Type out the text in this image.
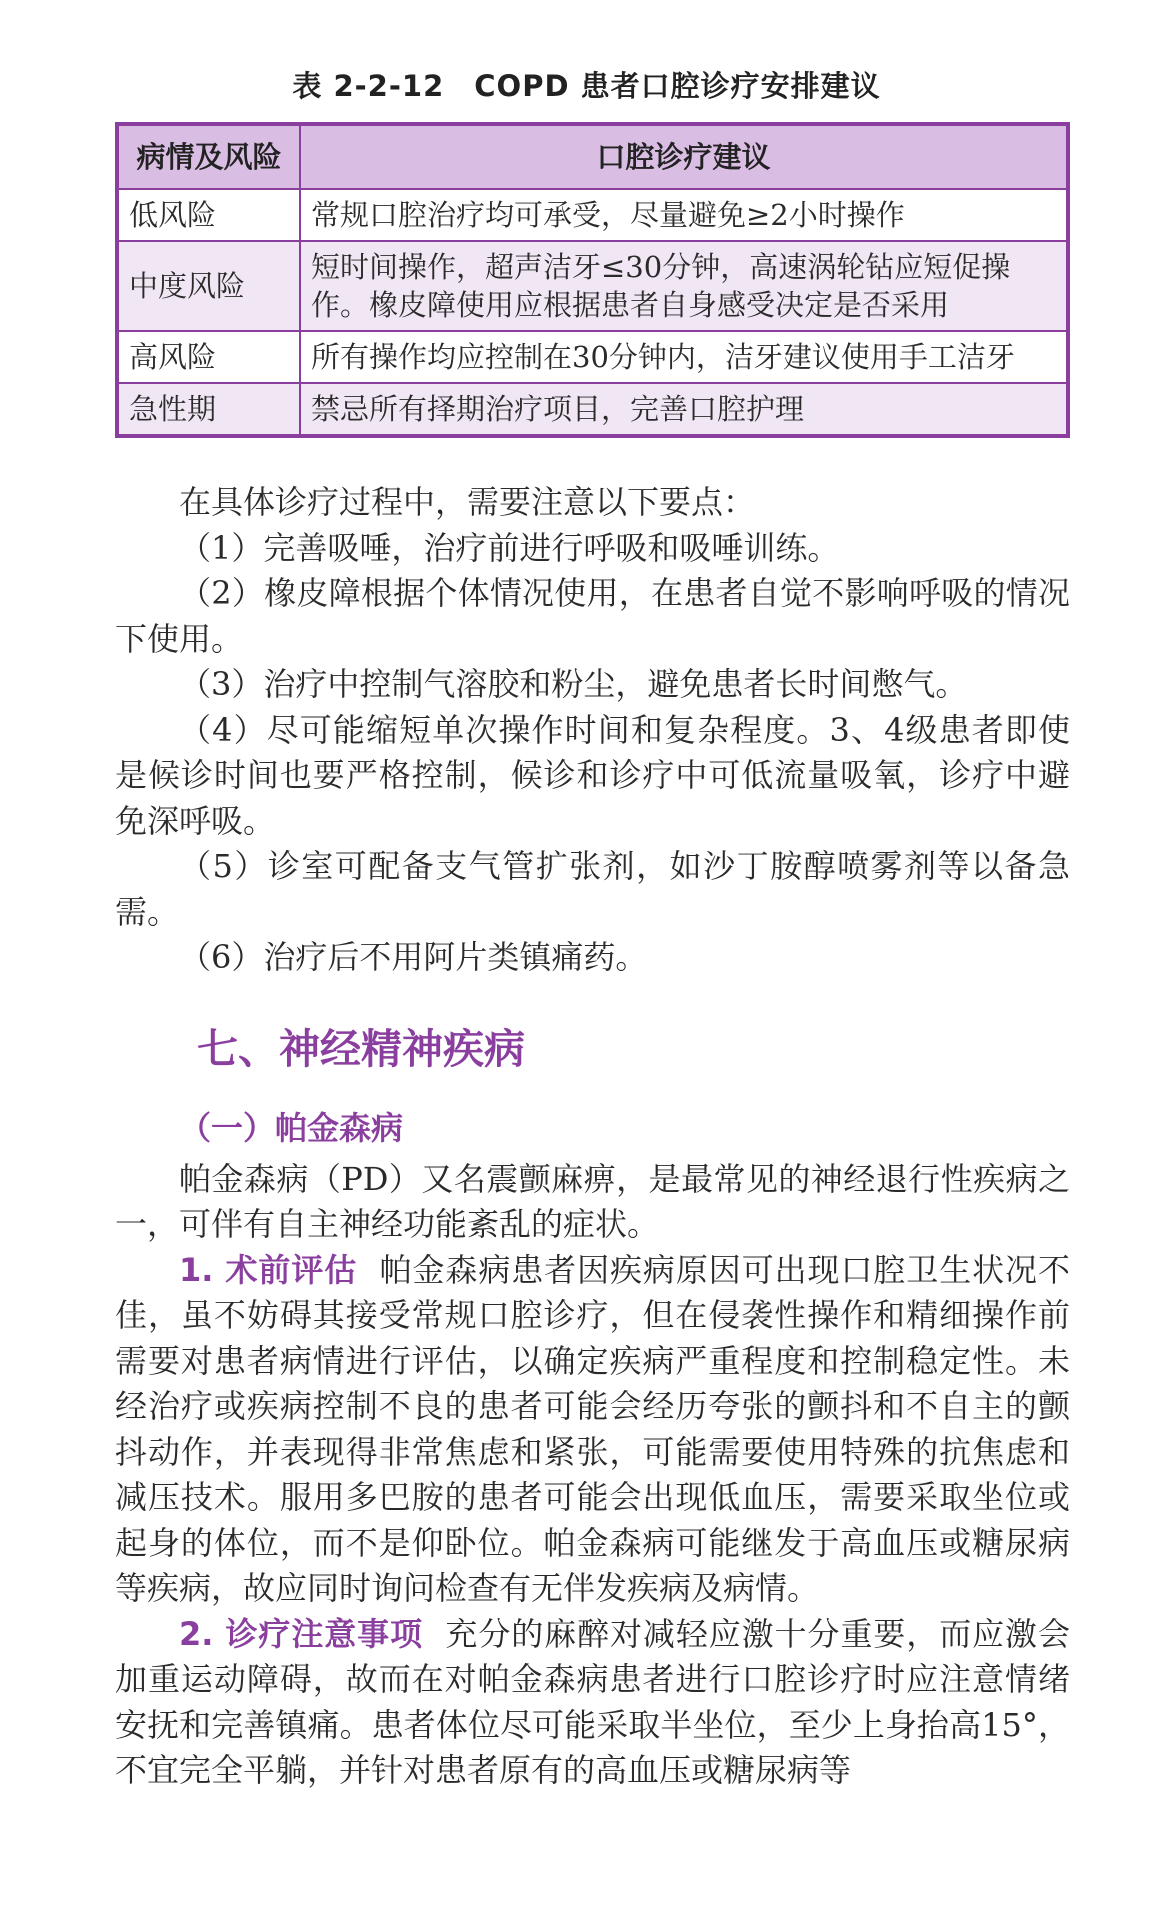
表 2-2-12　COPD 患者口腔诊疗安排建议
病情及风险	口腔诊疗建议
低风险	常规口腔治疗均可承受，尽量避免≥2小时操作
中度风险	短时间操作，超声洁牙≤30分钟，高速涡轮钻应短促操作。橡皮障使用应根据患者自身感受决定是否采用
高风险	所有操作均应控制在30分钟内，洁牙建议使用手工洁牙
急性期	禁忌所有择期治疗项目，完善口腔护理

在具体诊疗过程中，需要注意以下要点：

（1）完善吸唾，治疗前进行呼吸和吸唾训练。

（2）橡皮障根据个体情况使用，在患者自觉不影响呼吸的情况下使用。

（3）治疗中控制气溶胶和粉尘，避免患者长时间憋气。

（4）尽可能缩短单次操作时间和复杂程度。3、4级患者即使是候诊时间也要严格控制，候诊和诊疗中可低流量吸氧，诊疗中避免深呼吸。

（5）诊室可配备支气管扩张剂，如沙丁胺醇喷雾剂等以备急需。

（6）治疗后不用阿片类镇痛药。

七、神经精神疾病

（一）帕金森病

帕金森病（PD）又名震颤麻痹，是最常见的神经退行性疾病之一，可伴有自主神经功能紊乱的症状。

1. 术前评估 帕金森病患者因疾病原因可出现口腔卫生状况不佳，虽不妨碍其接受常规口腔诊疗，但在侵袭性操作和精细操作前需要对患者病情进行评估，以确定疾病严重程度和控制稳定性。未经治疗或疾病控制不良的患者可能会经历夸张的颤抖和不自主的颤抖动作，并表现得非常焦虑和紧张，可能需要使用特殊的抗焦虑和减压技术。服用多巴胺的患者可能会出现低血压，需要采取坐位或起身的体位，而不是仰卧位。帕金森病可能继发于高血压或糖尿病等疾病，故应同时询问检查有无伴发疾病及病情。

2. 诊疗注意事项 充分的麻醉对减轻应激十分重要，而应激会加重运动障碍，故而在对帕金森病患者进行口腔诊疗时应注意情绪安抚和完善镇痛。患者体位尽可能采取半坐位，至少上身抬高15°，不宜完全平躺，并针对患者原有的高血压或糖尿病等
